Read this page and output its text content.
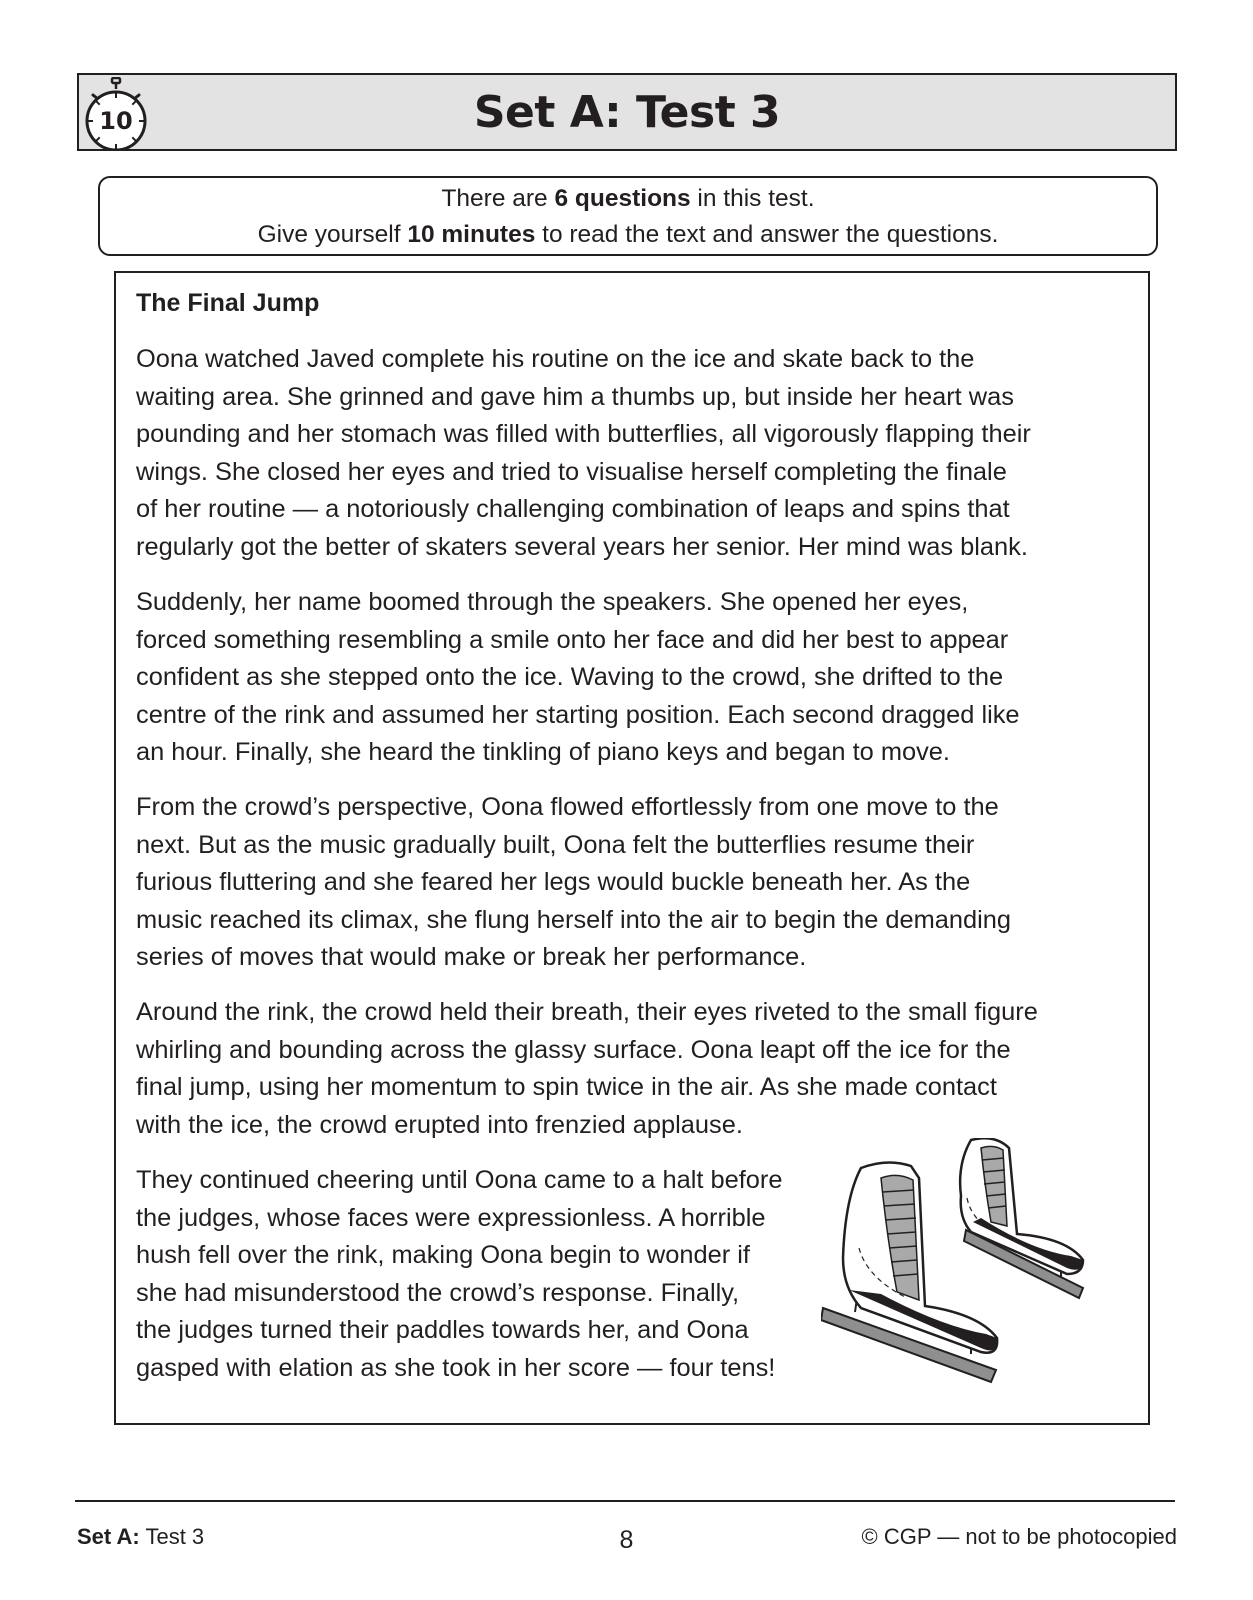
10	Set A: Test 3
There are 6 questions in this test.
Give yourself 10 minutes to read the text and answer the questions.
The Final Jump

Oona watched Javed complete his routine on the ice and skate back to the
waiting area. She grinned and gave him a thumbs up, but inside her heart was
pounding and her stomach was filled with butterflies, all vigorously flapping their
wings. She closed her eyes and tried to visualise herself completing the finale
of her routine — a notoriously challenging combination of leaps and spins that
regularly got the better of skaters several years her senior. Her mind was blank.

Suddenly, her name boomed through the speakers. She opened her eyes,
forced something resembling a smile onto her face and did her best to appear
confident as she stepped onto the ice. Waving to the crowd, she drifted to the
centre of the rink and assumed her starting position. Each second dragged like
an hour. Finally, she heard the tinkling of piano keys and began to move.

From the crowd’s perspective, Oona flowed effortlessly from one move to the
next. But as the music gradually built, Oona felt the butterflies resume their
furious fluttering and she feared her legs would buckle beneath her. As the
music reached its climax, she flung herself into the air to begin the demanding
series of moves that would make or break her performance.

Around the rink, the crowd held their breath, their eyes riveted to the small figure
whirling and bounding across the glassy surface. Oona leapt off the ice for the
final jump, using her momentum to spin twice in the air. As she made contact
with the ice, the crowd erupted into frenzied applause.

They continued cheering until Oona came to a halt before
the judges, whose faces were expressionless. A horrible
hush fell over the rink, making Oona begin to wonder if
she had misunderstood the crowd’s response. Finally,
the judges turned their paddles towards her, and Oona
gasped with elation as she took in her score — four tens!

Set A: Test 3	8	© CGP — not to be photocopied
